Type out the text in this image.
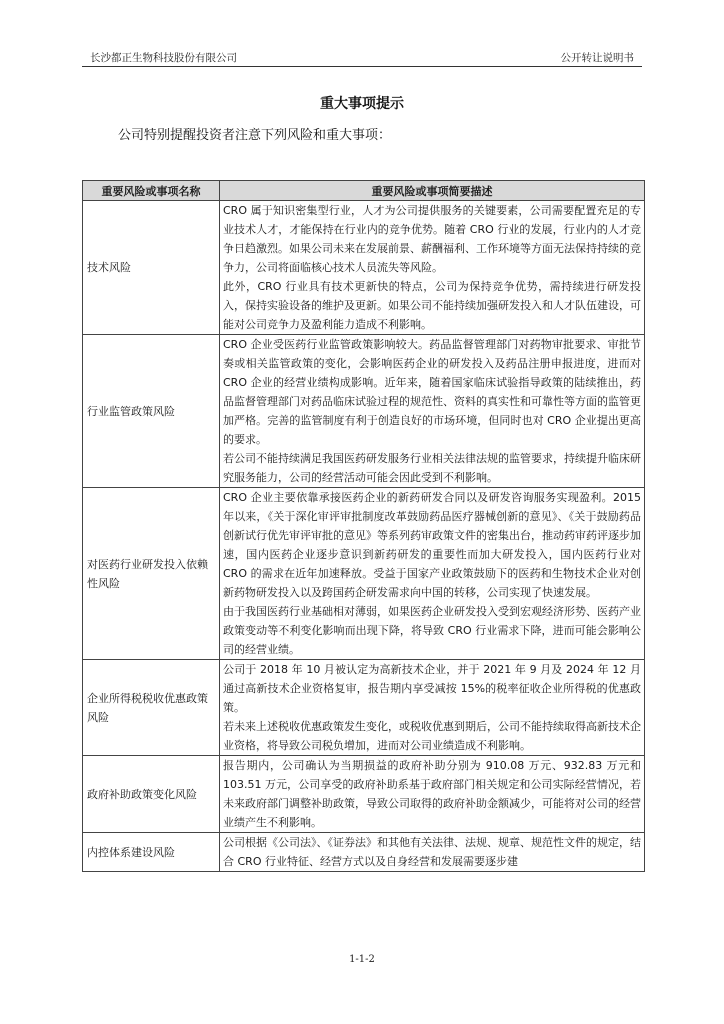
长沙都正生物科技股份有限公司	公开转让说明书
重大事项提示
公司特别提醒投资者注意下列风险和重大事项：
重要风险或事项名称	重要风险或事项简要描述
技术风险	CRO 属于知识密集型行业，人才为公司提供服务的关键要素，公司需要配置充足的专业技术人才，才能保持在行业内的竞争优势。随着 CRO 行业的发展，行业内的人才竞争日趋激烈。如果公司未来在发展前景、薪酬福利、工作环境等方面无法保持持续的竞争力，公司将面临核心技术人员流失等风险。

此外，CRO 行业具有技术更新快的特点，公司为保持竞争优势，需持续进行研发投入，保持实验设备的维护及更新。如果公司不能持续加强研发投入和人才队伍建设，可能对公司竞争力及盈利能力造成不利影响。

行业监管政策风险	CRO 企业受医药行业监管政策影响较大。药品监督管理部门对药物审批要求、审批节奏或相关监管政策的变化，会影响医药企业的研发投入及药品注册申报进度，进而对 CRO 企业的经营业绩构成影响。近年来，随着国家临床试验指导政策的陆续推出，药品监督管理部门对药品临床试验过程的规范性、资料的真实性和可靠性等方面的监管更加严格。完善的监管制度有利于创造良好的市场环境，但同时也对 CRO 企业提出更高的要求。

若公司不能持续满足我国医药研发服务行业相关法律法规的监管要求，持续提升临床研究服务能力，公司的经营活动可能会因此受到不利影响。

对医药行业研发投入依赖性风险	CRO 企业主要依靠承接医药企业的新药研发合同以及研发咨询服务实现盈利。2015 年以来，《关于深化审评审批制度改革鼓励药品医疗器械创新的意见》、《关于鼓励药品创新试行优先审评审批的意见》等系列药审政策文件的密集出台，推动药审药评逐步加速，国内医药企业逐步意识到新药研发的重要性而加大研发投入，国内医药行业对 CRO 的需求在近年加速释放。受益于国家产业政策鼓励下的医药和生物技术企业对创新药物研发投入以及跨国药企研发需求向中国的转移，公司实现了快速发展。

由于我国医药行业基础相对薄弱，如果医药企业研发投入受到宏观经济形势、医药产业政策变动等不利变化影响而出现下降，将导致 CRO 行业需求下降，进而可能会影响公司的经营业绩。

企业所得税税收优惠政策风险	公司于 2018 年 10 月被认定为高新技术企业，并于 2021 年 9 月及 2024 年 12 月通过高新技术企业资格复审，报告期内享受减按 15%的税率征收企业所得税的优惠政策。

若未来上述税收优惠政策发生变化，或税收优惠到期后，公司不能持续取得高新技术企业资格，将导致公司税负增加，进而对公司业绩造成不利影响。

政府补助政策变化风险	报告期内，公司确认为当期损益的政府补助分别为 910.08 万元、932.83 万元和 103.51 万元，公司享受的政府补助系基于政府部门相关规定和公司实际经营情况，若未来政府部门调整补助政策，导致公司取得的政府补助金额减少，可能将对公司的经营业绩产生不利影响。

内控体系建设风险	公司根据《公司法》、《证券法》和其他有关法律、法规、规章、规范性文件的规定，结合 CRO 行业特征、经营方式以及自身经营和发展需要逐步建

1-1-2
